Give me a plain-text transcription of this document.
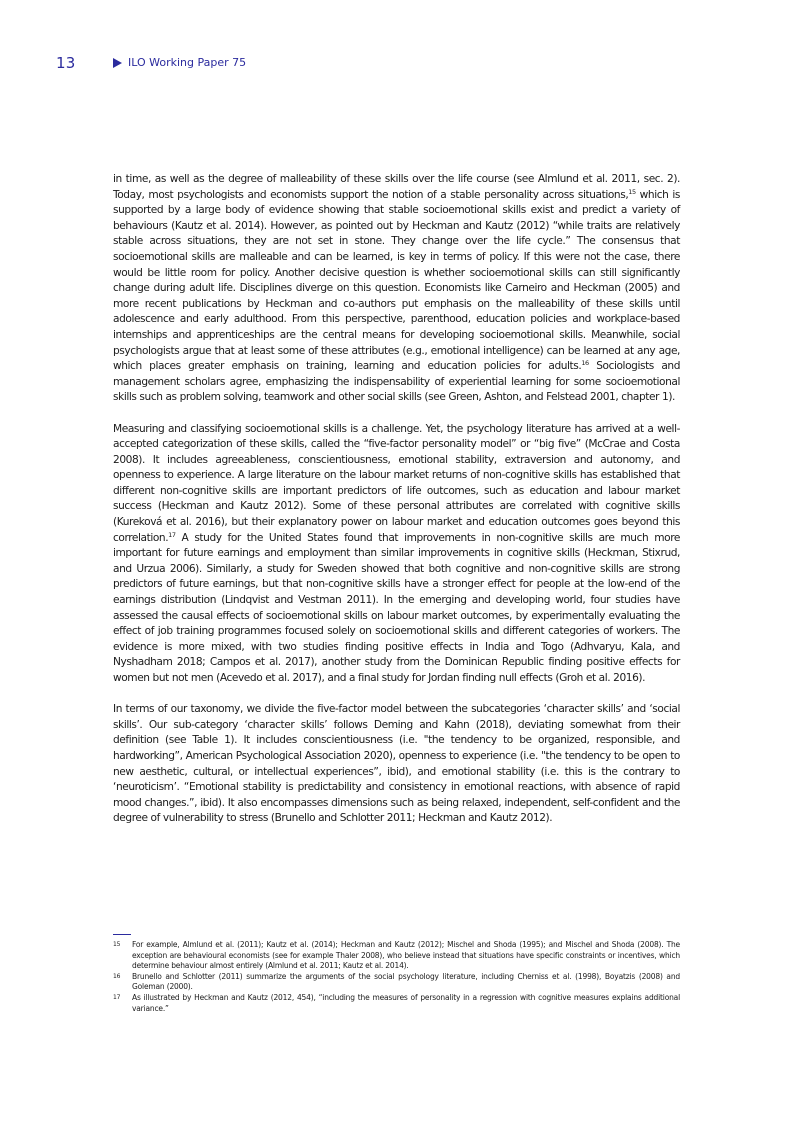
13	ILO Working Paper 75

in time, as well as the degree of malleability of these skills over the life course (see Almlund et al. 2011, sec. 2). Today, most psychologists and economists support the notion of a stable personality across situations,$^{15}$ which is supported by a large body of evidence showing that stable socioemotional skills exist and predict a variety of behaviours (Kautz et al. 2014). However, as pointed out by Heckman and Kautz (2012) “while traits are relatively stable across situations, they are not set in stone. They change over the life cycle.” The consensus that socioemotional skills are malleable and can be learned, is key in terms of policy. If this were not the case, there would be little room for policy. Another decisive question is whether socioemotional skills can still significantly change during adult life. Disciplines diverge on this question. Economists like Carneiro and Heckman (2005) and more recent publications by Heckman and co-authors put emphasis on the malleability of these skills until adolescence and early adulthood. From this perspective, parenthood, education policies and workplace-based internships and apprenticeships are the central means for developing socioemotional skills. Meanwhile, social psychologists argue that at least some of these attributes (e.g., emotional intelligence) can be learned at any age, which places greater emphasis on training, learning and education policies for adults.$^{16}$ Sociologists and management scholars agree, emphasizing the indispensability of experiential learning for some socioemotional skills such as problem solving, teamwork and other social skills (see Green, Ashton, and Felstead 2001, chapter 1).

Measuring and classifying socioemotional skills is a challenge. Yet, the psychology literature has arrived at a well-accepted categorization of these skills, called the “five-factor personality model” or “big five” (McCrae and Costa 2008). It includes agreeableness, conscientiousness, emotional stability, extraversion and autonomy, and openness to experience. A large literature on the labour market returns of non-cognitive skills has established that different non-cognitive skills are important predictors of life outcomes, such as education and labour market success (Heckman and Kautz 2012). Some of these personal attributes are correlated with cognitive skills (Kureková et al. 2016), but their explanatory power on labour market and education outcomes goes beyond this correlation.$^{17}$ A study for the United States found that improvements in non-cognitive skills are much more important for future earnings and employment than similar improvements in cognitive skills (Heckman, Stixrud, and Urzua 2006). Similarly, a study for Sweden showed that both cognitive and non-cognitive skills are strong predictors of future earnings, but that non-cognitive skills have a stronger effect for people at the low-end of the earnings distribution (Lindqvist and Vestman 2011). In the emerging and developing world, four studies have assessed the causal effects of socioemotional skills on labour market outcomes, by experimentally evaluating the effect of job training programmes focused solely on socioemotional skills and different categories of workers. The evidence is more mixed, with two studies finding positive effects in India and Togo (Adhvaryu, Kala, and Nyshadham 2018; Campos et al. 2017), another study from the Dominican Republic finding positive effects for women but not men (Acevedo et al. 2017), and a final study for Jordan finding null effects (Groh et al. 2016).

In terms of our taxonomy, we divide the five-factor model between the subcategories ‘character skills’ and ‘social skills’. Our sub-category ‘character skills’ follows Deming and Kahn (2018), deviating somewhat from their definition (see Table 1). It includes conscientiousness (i.e. "the tendency to be organized, responsible, and hardworking”, American Psychological Association 2020), openness to experience (i.e. "the tendency to be open to new aesthetic, cultural, or intellectual experiences”, ibid), and emotional stability (i.e. this is the contrary to ‘neuroticism’. “Emotional stability is predictability and consistency in emotional reactions, with absence of rapid mood changes.”, ibid). It also encompasses dimensions such as being relaxed, independent, self-confident and the degree of vulnerability to stress (Brunello and Schlotter 2011; Heckman and Kautz 2012).

15	For example, Almlund et al. (2011); Kautz et al. (2014); Heckman and Kautz (2012); Mischel and Shoda (1995); and Mischel and Shoda (2008). The exception are behavioural economists (see for example Thaler 2008), who believe instead that situations have specific constraints or incentives, which determine behaviour almost entirely (Almlund et al. 2011; Kautz et al. 2014).
16	Brunello and Schlotter (2011) summarize the arguments of the social psychology literature, including Cherniss et al. (1998), Boyatzis (2008) and Goleman (2000).
17	As illustrated by Heckman and Kautz (2012, 454), “including the measures of personality in a regression with cognitive measures explains additional variance.”
